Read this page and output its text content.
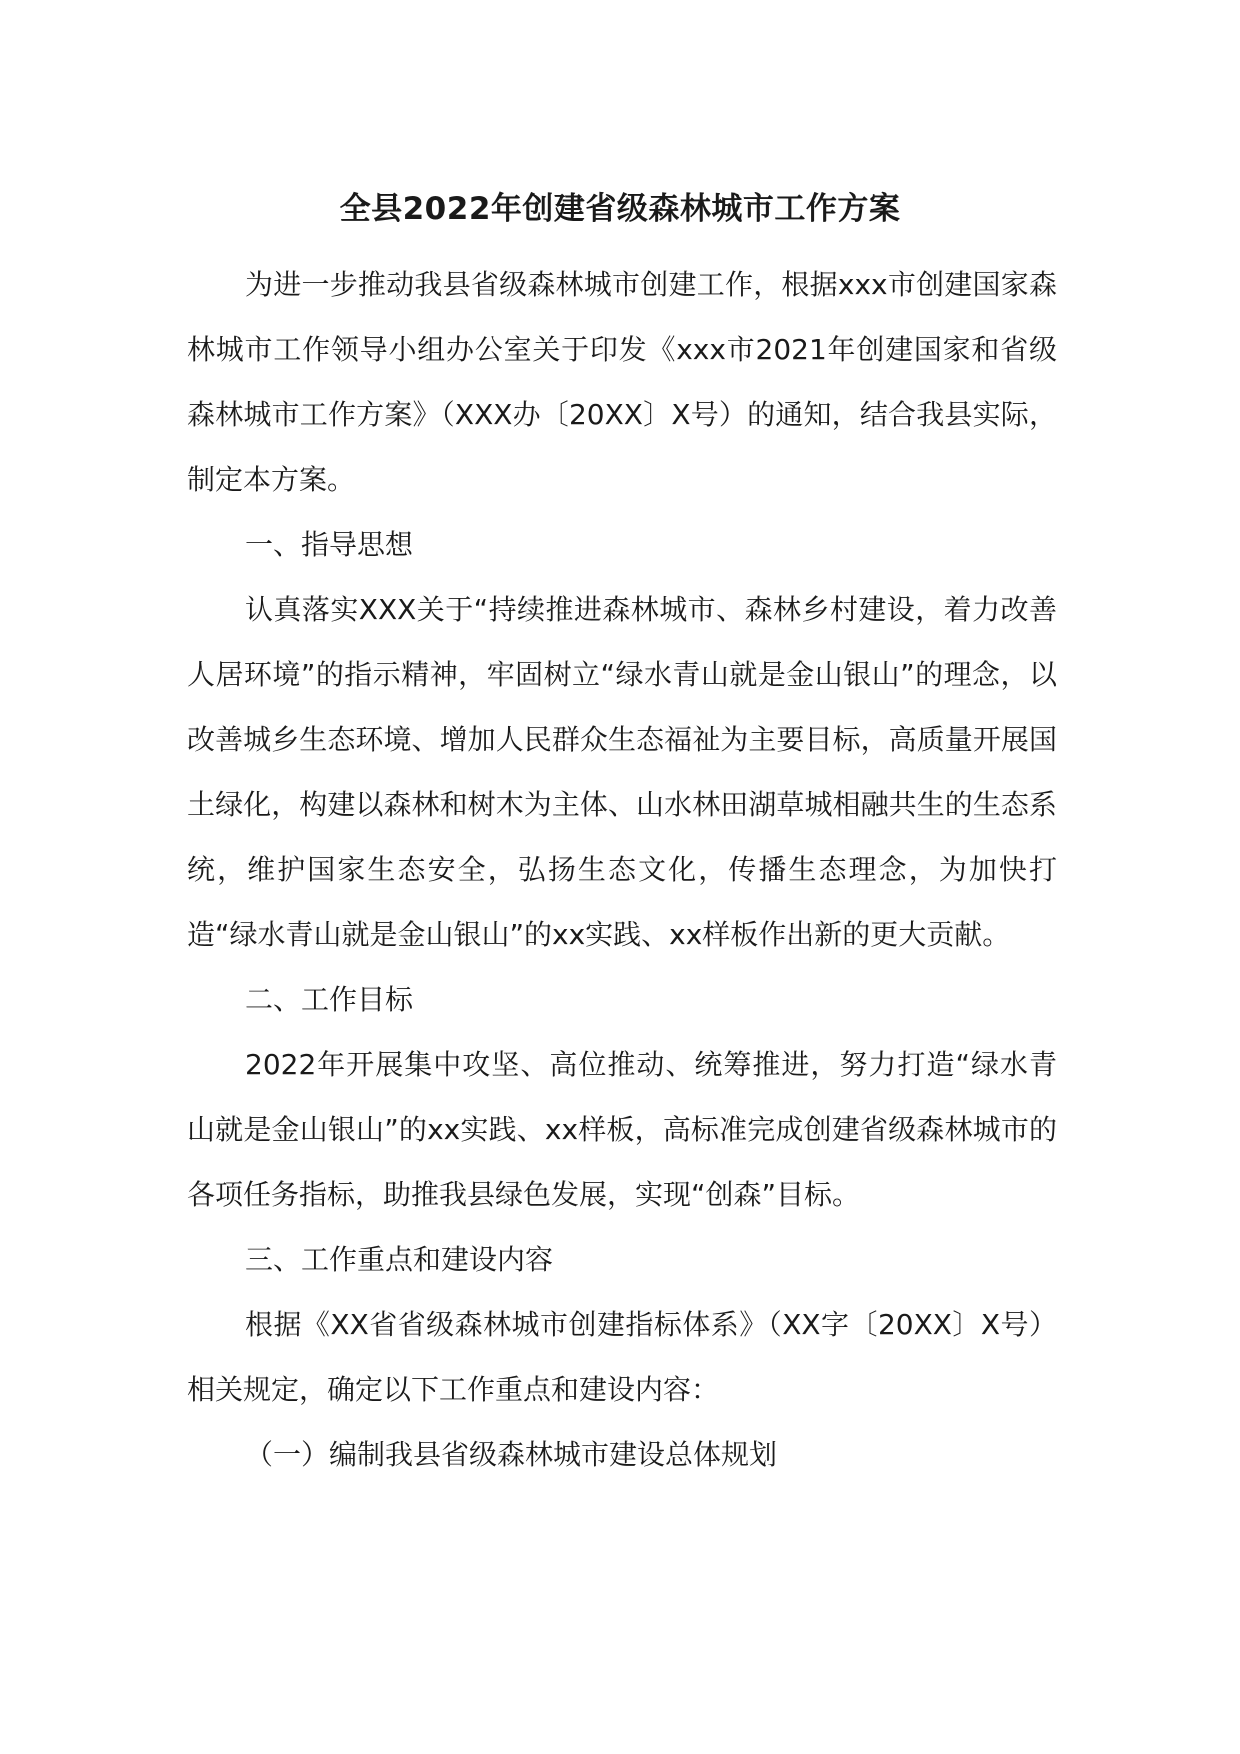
全县2022年创建省级森林城市工作方案

为进一步推动我县省级森林城市创建工作，根据xxx市创建国家森林城市工作领导小组办公室关于印发《xxx市2021年创建国家和省级森林城市工作方案》（XXX办〔20XX〕X号）的通知，结合我县实际，制定本方案。

一、指导思想

认真落实XXX关于“持续推进森林城市、森林乡村建设，着力改善人居环境”的指示精神，牢固树立“绿水青山就是金山银山”的理念，以改善城乡生态环境、增加人民群众生态福祉为主要目标，高质量开展国土绿化，构建以森林和树木为主体、山水林田湖草城相融共生的生态系统，维护国家生态安全，弘扬生态文化，传播生态理念，为加快打造“绿水青山就是金山银山”的xx实践、xx样板作出新的更大贡献。

二、工作目标

2022年开展集中攻坚、高位推动、统筹推进，努力打造“绿水青山就是金山银山”的xx实践、xx样板，高标准完成创建省级森林城市的各项任务指标，助推我县绿色发展，实现“创森”目标。

三、工作重点和建设内容

根据《XX省省级森林城市创建指标体系》（XX字〔20XX〕X号）相关规定，确定以下工作重点和建设内容：

（一）编制我县省级森林城市建设总体规划
